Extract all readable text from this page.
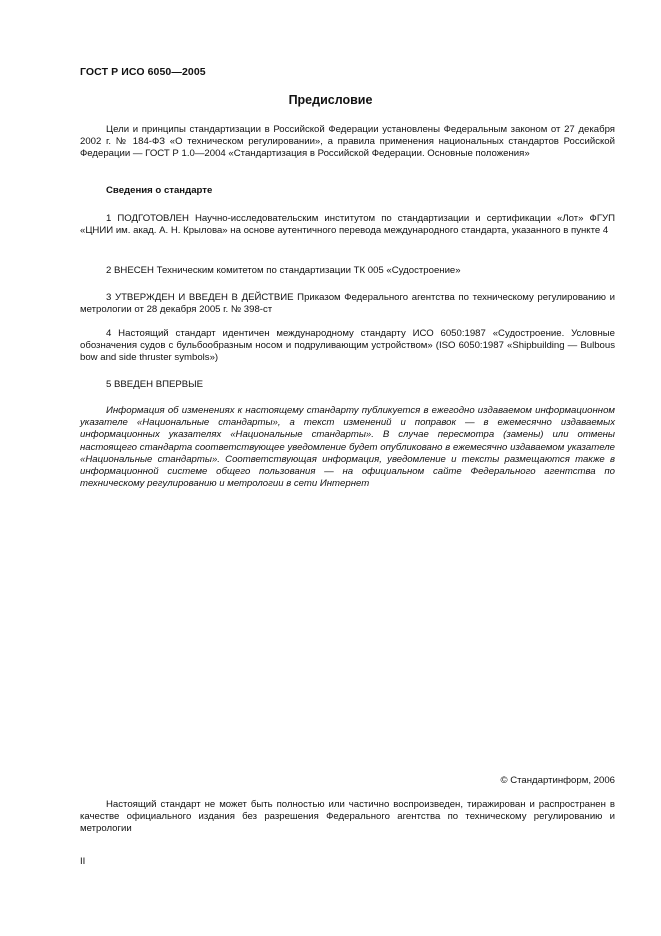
ГОСТ Р ИСО 6050—2005
Предисловие
Цели и принципы стандартизации в Российской Федерации установлены Федеральным законом от 27 декабря 2002 г. № 184-ФЗ «О техническом регулировании», а правила применения национальных стандартов Российской Федерации — ГОСТ Р 1.0—2004 «Стандартизация в Российской Федерации. Основные положения»
Сведения о стандарте
1 ПОДГОТОВЛЕН Научно-исследовательским институтом по стандартизации и сертификации «Лот» ФГУП «ЦНИИ им. акад. А. Н. Крылова» на основе аутентичного перевода международного стандарта, указанного в пункте 4
2 ВНЕСЕН Техническим комитетом по стандартизации ТК 005 «Судостроение»
3 УТВЕРЖДЕН И ВВЕДЕН В ДЕЙСТВИЕ Приказом Федерального агентства по техническому регулированию и метрологии от 28 декабря 2005 г. № 398-ст
4 Настоящий стандарт идентичен международному стандарту ИСО 6050:1987 «Судостроение. Условные обозначения судов с бульбообразным носом и подруливающим устройством» (ISO 6050:1987 «Shipbuilding — Bulbous bow and side thruster symbols»)
5 ВВЕДЕН ВПЕРВЫЕ
Информация об изменениях к настоящему стандарту публикуется в ежегодно издаваемом информационном указателе «Национальные стандарты», а текст изменений и поправок — в ежемесячно издаваемых информационных указателях «Национальные стандарты». В случае пересмотра (замены) или отмены настоящего стандарта соответствующее уведомление будет опубликовано в ежемесячно издаваемом указателе «Национальные стандарты». Соответствующая информация, уведомление и тексты размещаются также в информационной системе общего пользования — на официальном сайте Федерального агентства по техническому регулированию и метрологии в сети Интернет
© Стандартинформ, 2006
Настоящий стандарт не может быть полностью или частично воспроизведен, тиражирован и распространен в качестве официального издания без разрешения Федерального агентства по техническому регулированию и метрологии
II
